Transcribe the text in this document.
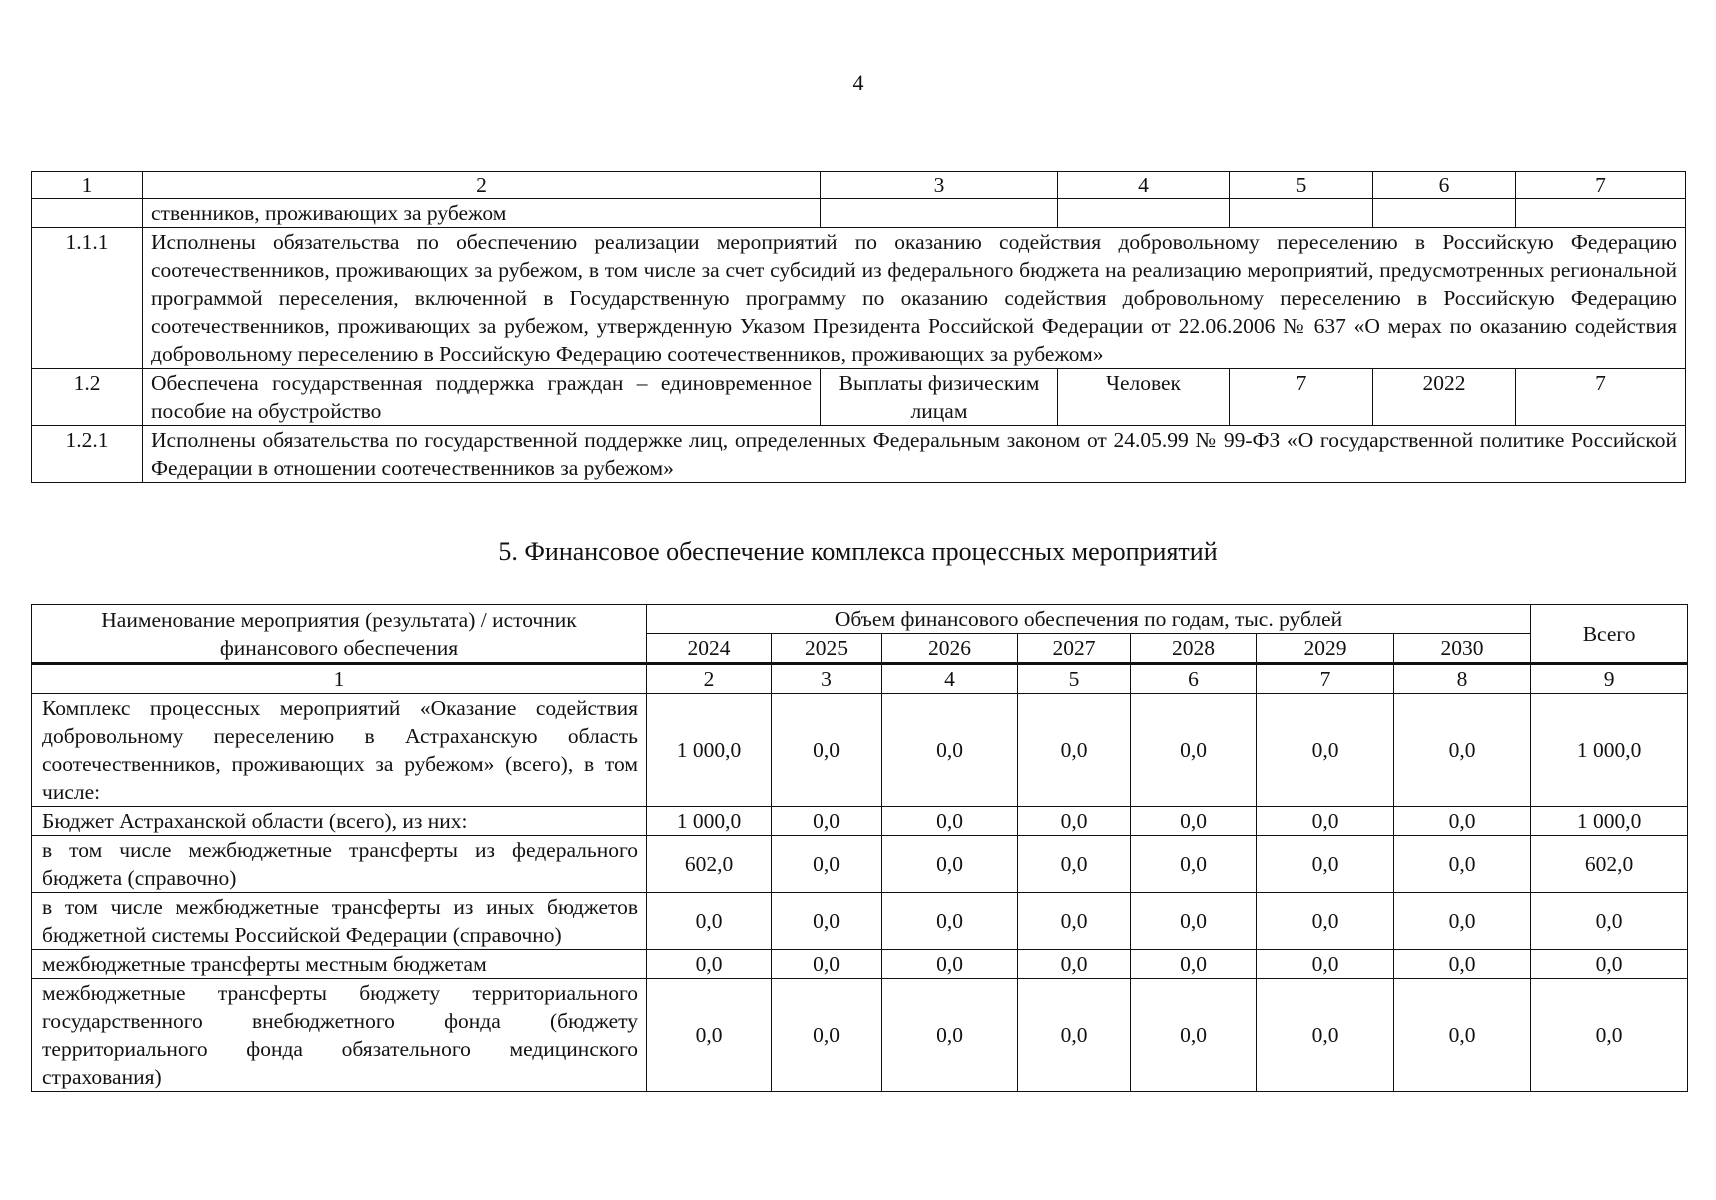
4
1	2	3	4	5	6	7
	ственников, проживающих за рубежом					
1.1.1	Исполнены обязательства по обеспечению реализации мероприятий по оказанию содействия добровольному переселению в Российскую Федерацию соотечественников, проживающих за рубежом, в том числе за счет субсидий из федерального бюджета на реализацию мероприятий, предусмотренных региональной программой переселения, включенной в Государственную программу по оказанию содействия добровольному переселению в Российскую Федерацию соотечественников, проживающих за рубежом, утвержденную Указом Президента Российской Федерации от 22.06.2006 № 637 «О мерах по оказанию содействия добровольному переселению в Российскую Федерацию соотечественников, проживающих за рубежом»					
1.2	Обеспечена государственная поддержка граждан – единовременное пособие на обустройство	Выплаты физическим лицам	Человек	7	2022	7
1.2.1	Исполнены обязательства по государственной поддержке лиц, определенных Федеральным законом от 24.05.99 № 99-ФЗ «О государственной политике Российской Федерации в отношении соотечественников за рубежом»					
5. Финансовое обеспечение комплекса процессных мероприятий
Наименование мероприятия (результата) / источник финансового обеспечения	Объем финансового обеспечения по годам, тыс. рублей							Всего
	2024	2025	2026	2027	2028	2029	2030	
1	2	3	4	5	6	7	8	9
Комплекс процессных мероприятий «Оказание содействия добровольному переселению в Астраханскую область соотечественников, проживающих за рубежом» (всего), в том числе:	1 000,0	0,0	0,0	0,0	0,0	0,0	0,0	1 000,0
Бюджет Астраханской области (всего), из них:	1 000,0	0,0	0,0	0,0	0,0	0,0	0,0	1 000,0
в том числе межбюджетные трансферты из федерального бюджета (справочно)	602,0	0,0	0,0	0,0	0,0	0,0	0,0	602,0
в том числе межбюджетные трансферты из иных бюджетов бюджетной системы Российской Федерации (справочно)	0,0	0,0	0,0	0,0	0,0	0,0	0,0	0,0
межбюджетные трансферты местным бюджетам	0,0	0,0	0,0	0,0	0,0	0,0	0,0	0,0
межбюджетные трансферты бюджету территориального государственного внебюджетного фонда (бюджету территориального фонда обязательного медицинского страхования)	0,0	0,0	0,0	0,0	0,0	0,0	0,0	0,0
